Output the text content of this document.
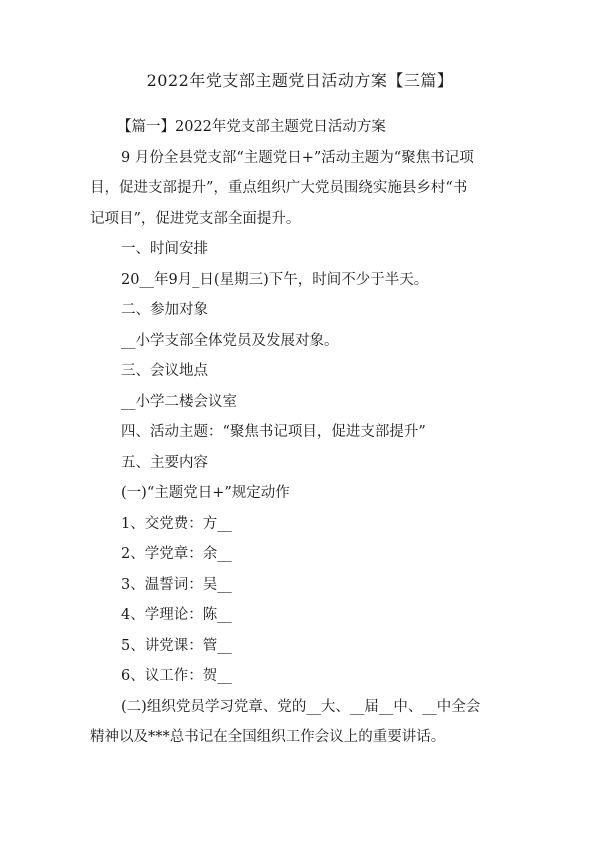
2022年党支部主题党日活动方案【三篇】
【篇一】2022年党支部主题党日活动方案
9 月份全县党支部“主题党日+”活动主题为“聚焦书记项
目，促进支部提升”，重点组织广大党员围绕实施县乡村“书
记项目”，促进党支部全面提升。
一、时间安排
20__年9月_日(星期三)下午，时间不少于半天。
二、参加对象
__小学支部全体党员及发展对象。
三、会议地点
__小学二楼会议室
四、活动主题：“聚焦书记项目，促进支部提升”
五、主要内容
(一)“主题党日+”规定动作
1、交党费：方__
2、学党章：余__
3、温誓词：吴__
4、学理论：陈__
5、讲党课：管__
6、议工作：贺__
(二)组织党员学习党章、党的__大、__届__中、__中全会
精神以及***总书记在全国组织工作会议上的重要讲话。
